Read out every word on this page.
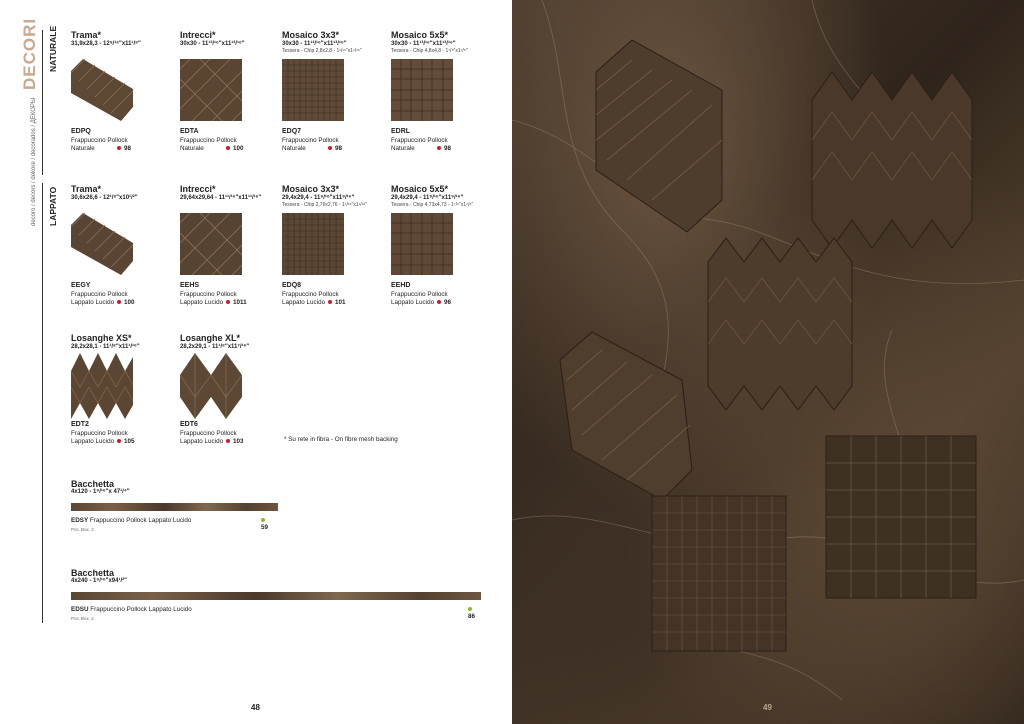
DECORI
decoro / decors / dekore / decorados / ДЕКОРЫ
NATURALE
LAPPATO
Trama*
31,9x28,3 - 12⁹/¹⁶"x11¹/⁸"
EDPQ
Frappuccino Pollock
Naturale	98
Intrecci*
30x30 - 11¹³/¹⁶"x11¹³/¹⁶"
EDTA
Frappuccino Pollock
Naturale	100
Mosaico 3x3*
30x30 - 11¹³/¹⁶"x11¹³/¹⁶"
Tessera - Chip 2,8x2,8 - 1¹/¹⁶"x1¹/¹⁶"
EDQ7
Frappuccino Pollock
Naturale	98
Mosaico 5x5*
30x30 - 11¹³/¹⁶"x11¹³/¹⁶"
Tessera - Chip 4,8x4,8 - 1⁷/⁸"x1⁷/⁸"
EDRL
Frappuccino Pollock
Naturale	98
Trama*
30,6x26,6 - 12¹/⁸"x10¹/²"
EEGY
Frappuccino Pollock
Lappato Lucido	100
Intrecci*
29,64x29,64 - 11¹¹/¹⁶"x11¹¹/¹⁶"
EEHS
Frappuccino Pollock
Lappato Lucido	1011
Mosaico 3x3*
29,4x29,4 - 11⁹/¹⁶"x11⁹/¹⁶"
Tessera - Chip 2,76x2,76 - 1¹/¹⁶"x1¹/¹⁶"
EDQ8
Frappuccino Pollock
Lappato Lucido	101
Mosaico 5x5*
29,4x29,4 - 11⁹/¹⁶"x11⁹/¹⁶"
Tessera - Chip 4,73x4,73 - 1⁷/⁸"x1⁷/⁸"
EEHD
Frappuccino Pollock
Lappato Lucido	96
Losanghe XS*
28,2x28,1 - 11¹/⁸"x11¹/¹⁶"
EDT2
Frappuccino Pollock
Lappato Lucido	105
Losanghe XL*
28,2x29,1 - 11¹/⁸"x11⁷/¹⁶"
EDT6
Frappuccino Pollock
Lappato Lucido	103	* Su rete in fibra - On fibre mesh backing
Bacchetta
4x120 - 1⁹/¹⁶"x 47¹/⁴"
EDSY Frappuccino Pollock Lappato Lucido
Pcs. Box. 2	59
Bacchetta
4x240 - 1⁹/¹⁶"x94¹/²"
EDSU Frappuccino Pollock Lappato Lucido
Pcs. Box. 2	86
48	49
